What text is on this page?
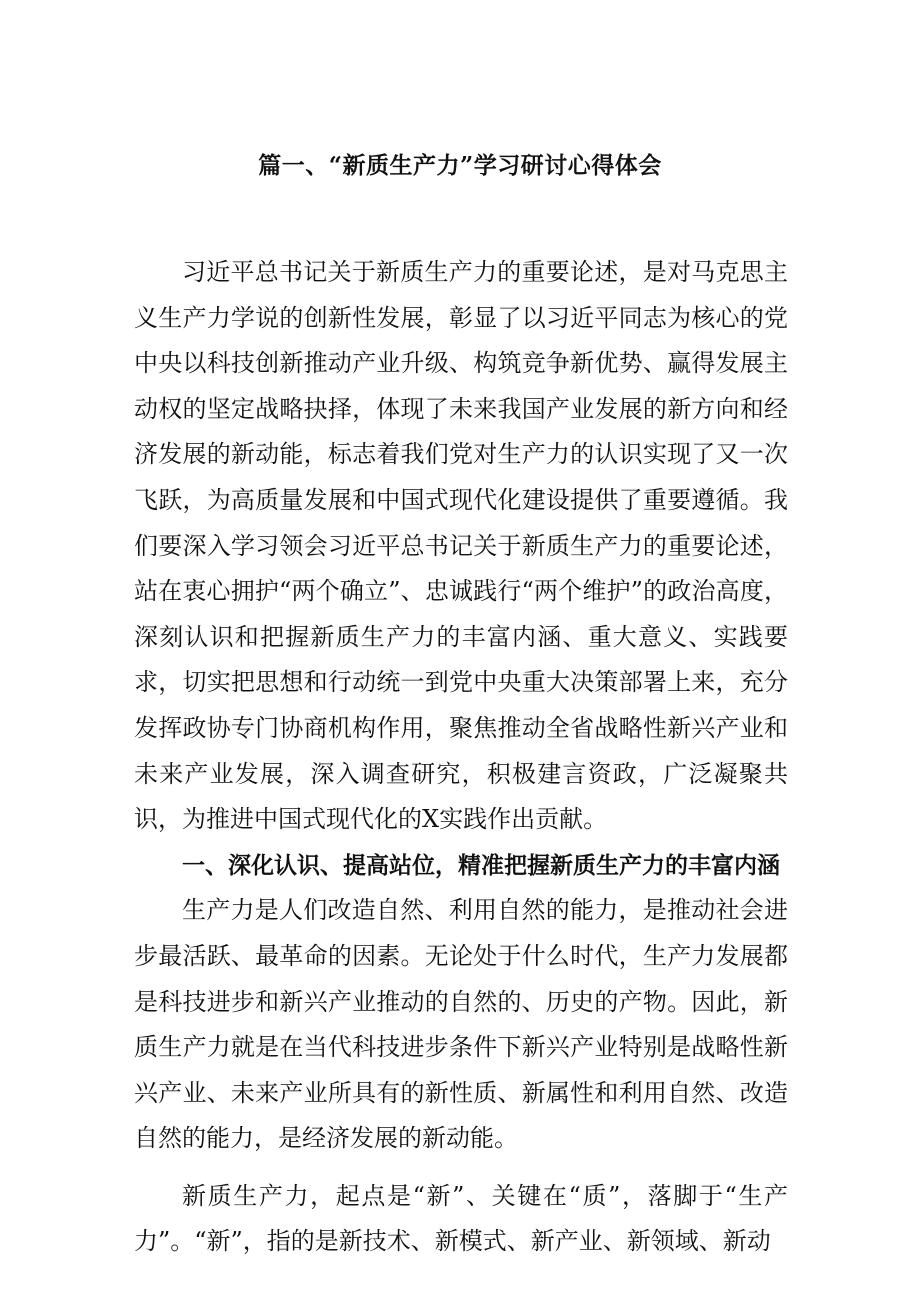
篇一、“新质生产力”学习研讨心得体会

习近平总书记关于新质生产力的重要论述，是对马克思主义生产力学说的创新性发展，彰显了以习近平同志为核心的党中央以科技创新推动产业升级、构筑竞争新优势、赢得发展主动权的坚定战略抉择，体现了未来我国产业发展的新方向和经济发展的新动能，标志着我们党对生产力的认识实现了又一次飞跃，为高质量发展和中国式现代化建设提供了重要遵循。我们要深入学习领会习近平总书记关于新质生产力的重要论述，站在衷心拥护“两个确立”、忠诚践行“两个维护”的政治高度，深刻认识和把握新质生产力的丰富内涵、重大意义、实践要求，切实把思想和行动统一到党中央重大决策部署上来，充分发挥政协专门协商机构作用，聚焦推动全省战略性新兴产业和未来产业发展，深入调查研究，积极建言资政，广泛凝聚共识，为推进中国式现代化的X实践作出贡献。

一、深化认识、提高站位，精准把握新质生产力的丰富内涵

生产力是人们改造自然、利用自然的能力，是推动社会进步最活跃、最革命的因素。无论处于什么时代，生产力发展都是科技进步和新兴产业推动的自然的、历史的产物。因此，新质生产力就是在当代科技进步条件下新兴产业特别是战略性新兴产业、未来产业所具有的新性质、新属性和利用自然、改造自然的能力，是经济发展的新动能。

新质生产力，起点是“新”、关键在“质”，落脚于“生产力”。“新”，指的是新技术、新模式、新产业、新领域、新动
